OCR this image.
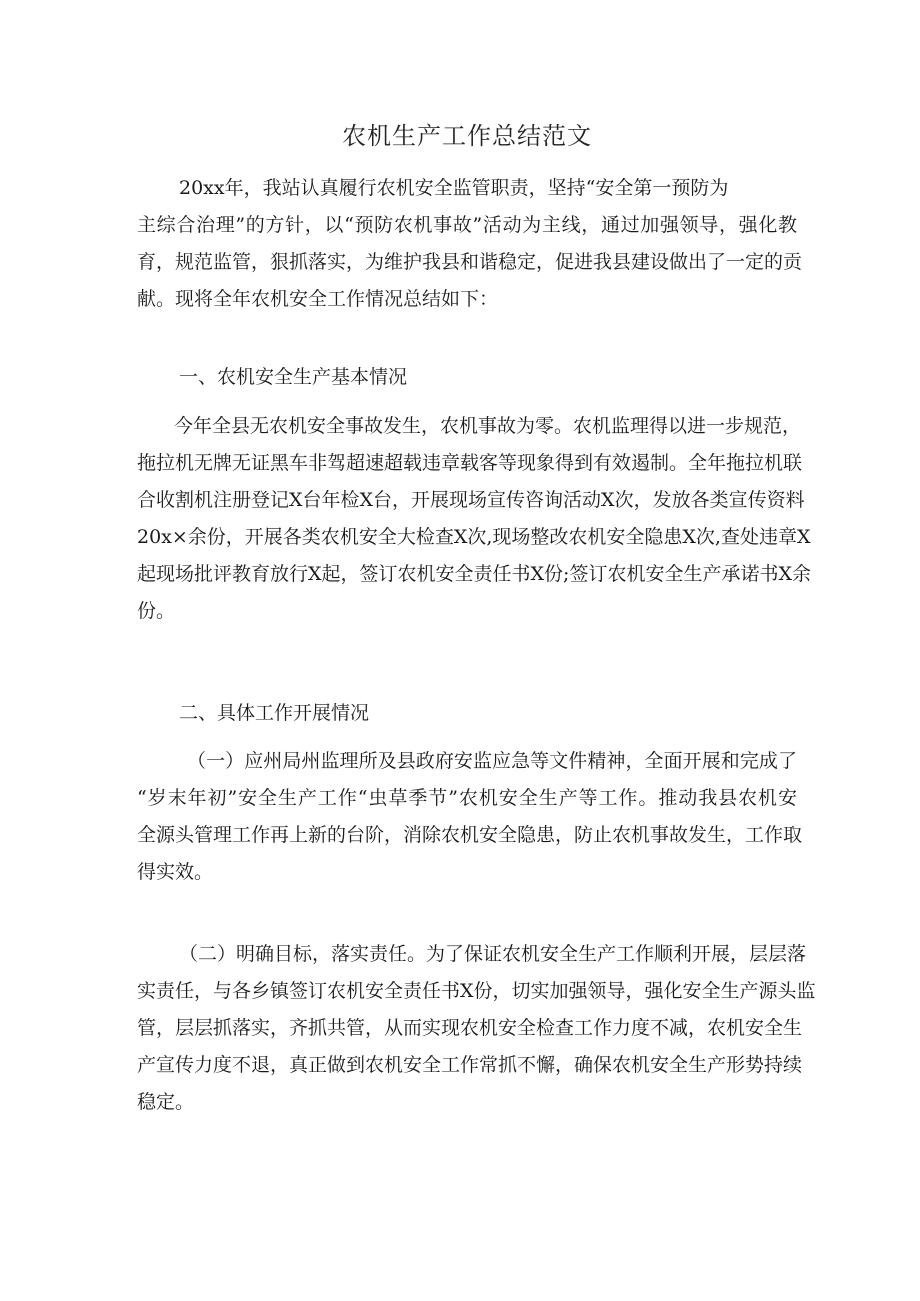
农机生产工作总结范文
20xx年，我站认真履行农机安全监管职责，坚持“安全第一预防为
主综合治理”的方针，以“预防农机事故”活动为主线，通过加强领导，强化教
育，规范监管，狠抓落实，为维护我县和谐稳定，促进我县建设做出了一定的贡
献。现将全年农机安全工作情况总结如下：
一、农机安全生产基本情况
今年全县无农机安全事故发生，农机事故为零。农机监理得以进一步规范，
拖拉机无牌无证黑车非驾超速超载违章载客等现象得到有效遏制。全年拖拉机联
合收割机注册登记X台年检X台，开展现场宣传咨询活动X次，发放各类宣传资料
20x×余份，开展各类农机安全大检查X次,现场整改农机安全隐患X次,查处违章X
起现场批评教育放行X起，签订农机安全责任书X份;签订农机安全生产承诺书X余
份。
二、具体工作开展情况
（一）应州局州监理所及县政府安监应急等文件精神，全面开展和完成了
“岁末年初”安全生产工作“虫草季节”农机安全生产等工作。推动我县农机安
全源头管理工作再上新的台阶，消除农机安全隐患，防止农机事故发生，工作取
得实效。
（二）明确目标，落实责任。为了保证农机安全生产工作顺利开展，层层落
实责任，与各乡镇签订农机安全责任书X份，切实加强领导，强化安全生产源头监
管，层层抓落实，齐抓共管，从而实现农机安全检查工作力度不减，农机安全生
产宣传力度不退，真正做到农机安全工作常抓不懈，确保农机安全生产形势持续
稳定。
